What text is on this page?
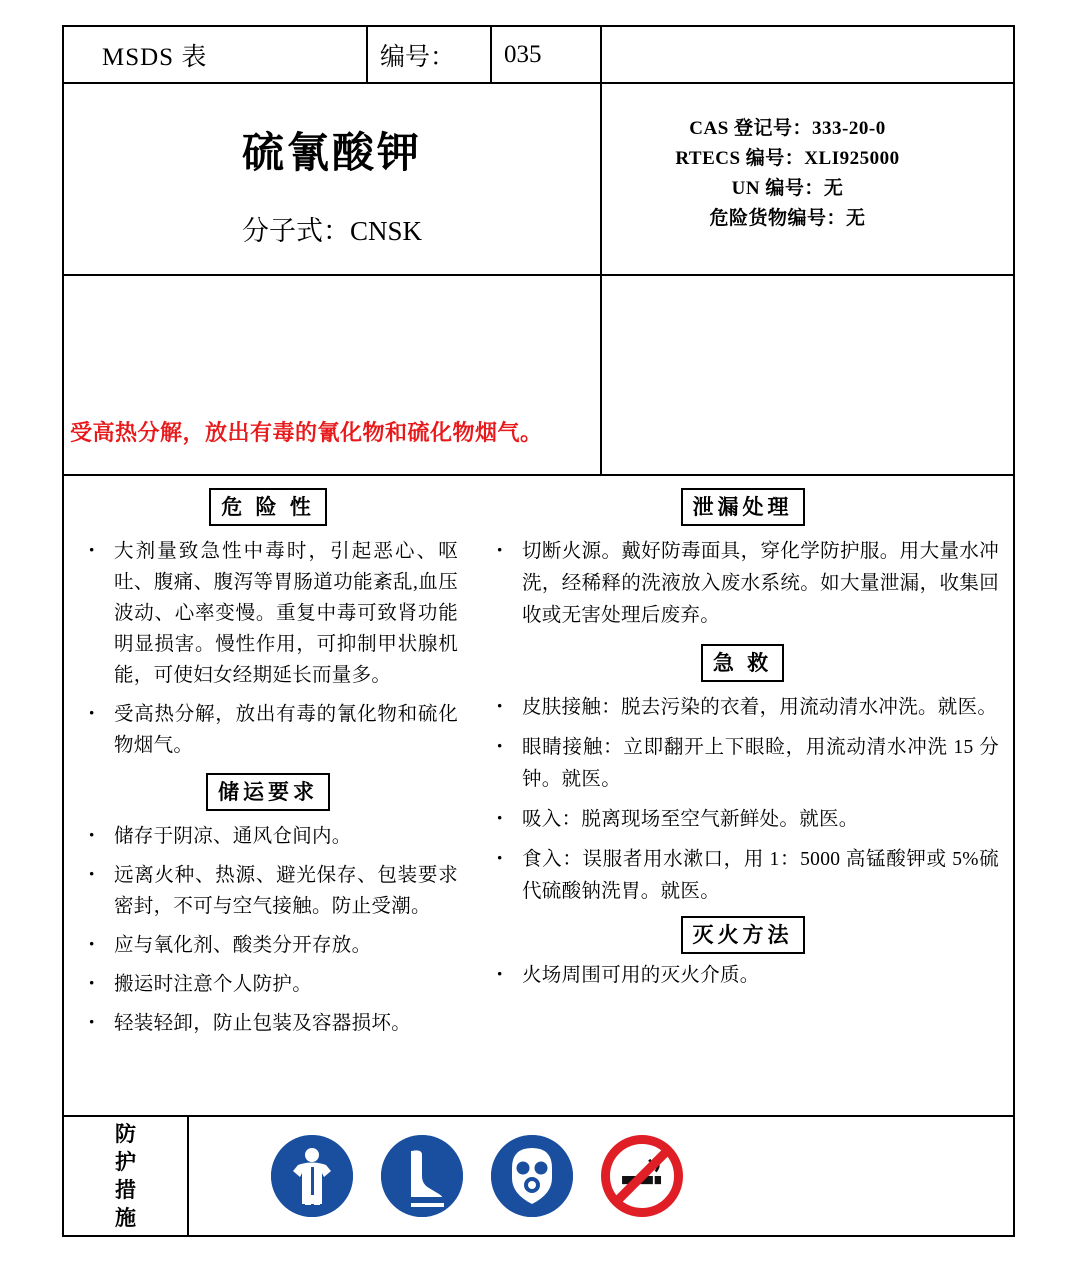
MSDS 表	编号：	035
硫氰酸钾
分子式：CNSK
CAS 登记号：333-20-0
RTECS 编号：XLI925000
UN 编号：无
危险货物编号：无
受高热分解，放出有毒的氰化物和硫化物烟气。
危 险 性
· 大剂量致急性中毒时，引起恶心、呕吐、腹痛、腹泻等胃肠道功能紊乱,血压波动、心率变慢。重复中毒可致肾功能明显损害。慢性作用，可抑制甲状腺机能，可使妇女经期延长而量多。
· 受高热分解，放出有毒的氰化物和硫化物烟气。
储运要求
· 储存于阴凉、通风仓间内。
· 远离火种、热源、避光保存、包装要求密封，不可与空气接触。防止受潮。
· 应与氧化剂、酸类分开存放。
· 搬运时注意个人防护。
· 轻装轻卸，防止包装及容器损坏。
泄漏处理
· 切断火源。戴好防毒面具，穿化学防护服。用大量水冲洗，经稀释的洗液放入废水系统。如大量泄漏，收集回收或无害处理后废弃。
急 救
· 皮肤接触：脱去污染的衣着，用流动清水冲洗。就医。
· 眼睛接触：立即翻开上下眼睑，用流动清水冲洗 15 分钟。就医。
· 吸入：脱离现场至空气新鲜处。就医。
· 食入：误服者用水漱口，用 1：5000 高锰酸钾或 5%硫代硫酸钠洗胃。就医。
灭火方法
· 火场周围可用的灭火介质。
防
护
措
施
